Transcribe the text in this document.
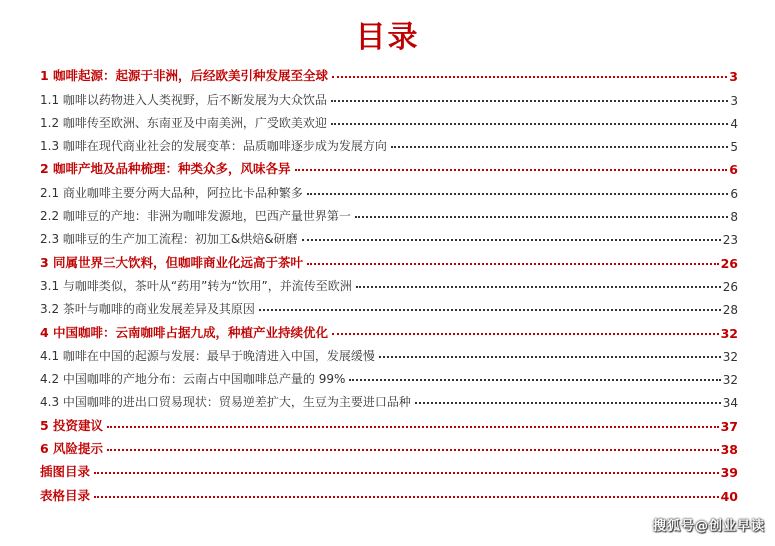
目录
1 咖啡起源：起源于非洲，后经欧美引种发展至全球	3
1.1 咖啡以药物进入人类视野，后不断发展为大众饮品	3
1.2 咖啡传至欧洲、东南亚及中南美洲，广受欧美欢迎	4
1.3 咖啡在现代商业社会的发展变革：品质咖啡逐步成为发展方向	5
2 咖啡产地及品种梳理：种类众多，风味各异	6
2.1 商业咖啡主要分两大品种，阿拉比卡品种繁多	6
2.2 咖啡豆的产地：非洲为咖啡发源地，巴西产量世界第一	8
2.3 咖啡豆的生产加工流程：初加工&烘焙&研磨	23
3 同属世界三大饮料，但咖啡商业化远高于茶叶	26
3.1 与咖啡类似，茶叶从“药用”转为“饮用”，并流传至欧洲	26
3.2 茶叶与咖啡的商业发展差异及其原因	28
4 中国咖啡：云南咖啡占据九成，种植产业持续优化	32
4.1 咖啡在中国的起源与发展：最早于晚清进入中国，发展缓慢	32
4.2 中国咖啡的产地分布：云南占中国咖啡总产量的 99%	32
4.3 中国咖啡的进出口贸易现状：贸易逆差扩大，生豆为主要进口品种	34
5 投资建议	37
6 风险提示	38
插图目录	39
表格目录	40
搜狐号@创业早读
